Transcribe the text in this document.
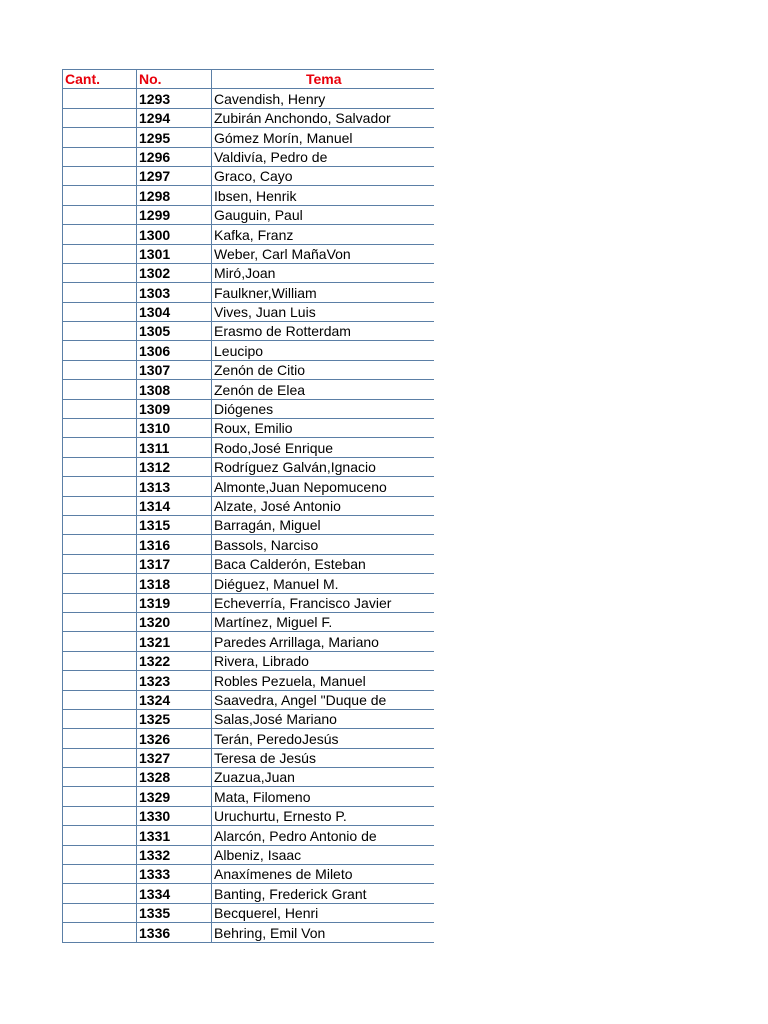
Cant.	No.	Tema
	1293	Cavendish, Henry
	1294	Zubirán Anchondo, Salvador
	1295	Gómez Morín, Manuel
	1296	Valdivía, Pedro de
	1297	Graco, Cayo
	1298	Ibsen, Henrik
	1299	Gauguin, Paul
	1300	Kafka, Franz
	1301	Weber, Carl MañaVon
	1302	Miró,Joan
	1303	Faulkner,William
	1304	Vives, Juan Luis
	1305	Erasmo de Rotterdam
	1306	Leucipo
	1307	Zenón de Citio
	1308	Zenón de Elea
	1309	Diógenes
	1310	Roux, Emilio
	1311	Rodo,José Enrique
	1312	Rodríguez Galván,Ignacio
	1313	Almonte,Juan Nepomuceno
	1314	Alzate, José Antonio
	1315	Barragán, Miguel
	1316	Bassols, Narciso
	1317	Baca Calderón, Esteban
	1318	Diéguez, Manuel M.
	1319	Echeverría, Francisco Javier
	1320	Martínez, Miguel F.
	1321	Paredes Arrillaga, Mariano
	1322	Rivera, Librado
	1323	Robles Pezuela, Manuel
	1324	Saavedra, Angel "Duque de
	1325	Salas,José Mariano
	1326	Terán, PeredoJesús
	1327	Teresa de Jesús
	1328	Zuazua,Juan
	1329	Mata, Filomeno
	1330	Uruchurtu, Ernesto P.
	1331	Alarcón, Pedro Antonio de
	1332	Albeniz, Isaac
	1333	Anaxímenes de Mileto
	1334	Banting, Frederick Grant
	1335	Becquerel, Henri
	1336	Behring, Emil Von
